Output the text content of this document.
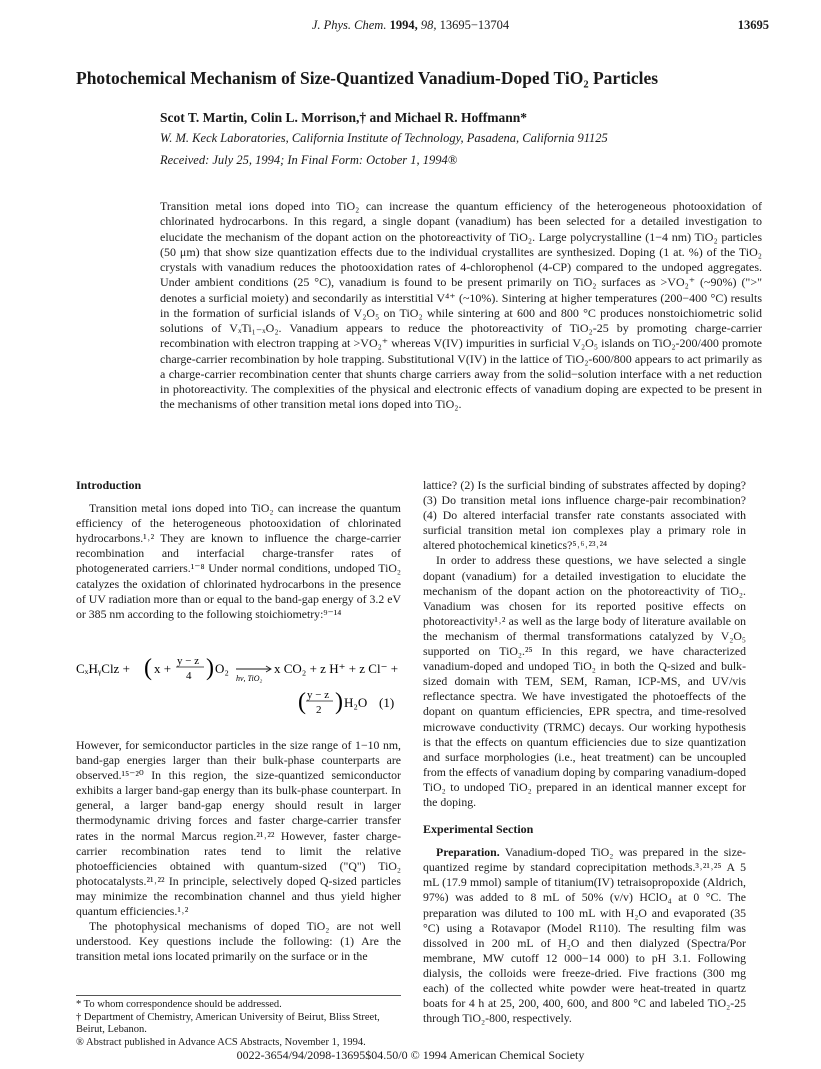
J. Phys. Chem. 1994, 98, 13695−13704	13695
Photochemical Mechanism of Size-Quantized Vanadium-Doped TiO₂ Particles
Scot T. Martin, Colin L. Morrison,† and Michael R. Hoffmann*
W. M. Keck Laboratories, California Institute of Technology, Pasadena, California 91125
Received: July 25, 1994; In Final Form: October 1, 1994®
Transition metal ions doped into TiO₂ can increase the quantum efficiency of the heterogeneous photooxidation of chlorinated hydrocarbons. In this regard, a single dopant (vanadium) has been selected for a detailed investigation to elucidate the mechanism of the dopant action on the photoreactivity of TiO₂. Large polycrystalline (1−4 nm) TiO₂ particles (50 μm) that show size quantization effects due to the individual crystallites are synthesized. Doping (1 at. %) of the TiO₂ crystals with vanadium reduces the photooxidation rates of 4-chlorophenol (4-CP) compared to the undoped aggregates. Under ambient conditions (25 °C), vanadium is found to be present primarily on TiO₂ surfaces as >VO₂⁺ (~90%) (">" denotes a surficial moiety) and secondarily as interstitial V⁴⁺ (~10%). Sintering at higher temperatures (200−400 °C) results in the formation of surficial islands of V₂O₅ on TiO₂ while sintering at 600 and 800 °C produces nonstoichiometric solid solutions of VₓTi₁₋ₓO₂. Vanadium appears to reduce the photoreactivity of TiO₂-25 by promoting charge-carrier recombination with electron trapping at >VO₂⁺ whereas V(IV) impurities in surficial V₂O₅ islands on TiO₂-200/400 promote charge-carrier recombination by hole trapping. Substitutional V(IV) in the lattice of TiO₂-600/800 appears to act primarily as a charge-carrier recombination center that shunts charge carriers away from the solid−solution interface with a net reduction in photoreactivity. The complexities of the physical and electronic effects of vanadium doping are expected to be present in the mechanisms of other transition metal ions doped into TiO₂.
Introduction

Transition metal ions doped into TiO₂ can increase the quantum efficiency of the heterogeneous photooxidation of chlorinated hydrocarbons.¹˒² They are known to influence the charge-carrier recombination and interfacial charge-transfer rates of photogenerated carriers.¹⁻⁸ Under normal conditions, undoped TiO₂ catalyzes the oxidation of chlorinated hydrocarbons in the presence of UV radiation more than or equal to the band-gap energy of 3.2 eV or 385 nm according to the following stoichiometry:⁹⁻¹⁴

CₓHᵧClz + ( x + y − z
4 ) O₂
hν, TiO₂
x CO₂ + z H⁺ + z Cl⁻ +
( y − z
2 ) H₂O (1)

However, for semiconductor particles in the size range of 1−10 nm, band-gap energies larger than their bulk-phase counterparts are observed.¹⁵⁻²⁰ In this region, the size-quantized semiconductor exhibits a larger band-gap energy than its bulk-phase counterpart. In general, a larger band-gap energy should result in larger thermodynamic driving forces and faster charge-carrier transfer rates in the normal Marcus region.²¹˒²² However, faster charge-carrier recombination rates tend to limit the relative photoefficiencies obtained with quantum-sized ("Q") TiO₂ photocatalysts.²¹˒²² In principle, selectively doped Q-sized particles may minimize the recombination channel and thus yield higher quantum efficiencies.¹˒²

The photophysical mechanisms of doped TiO₂ are not well understood. Key questions include the following: (1) Are the transition metal ions located primarily on the surface or in the

lattice? (2) Is the surficial binding of substrates affected by doping? (3) Do transition metal ions influence charge-pair recombination? (4) Do altered interfacial transfer rate constants associated with surficial transition metal ion complexes play a primary role in altered photochemical kinetics?⁵˒⁶˒²³˒²⁴

In order to address these questions, we have selected a single dopant (vanadium) for a detailed investigation to elucidate the mechanism of the dopant action on the photoreactivity of TiO₂. Vanadium was chosen for its reported positive effects on photoreactivity¹˒² as well as the large body of literature available on the mechanism of thermal transformations catalyzed by V₂O₅ supported on TiO₂.²⁵ In this regard, we have characterized vanadium-doped and undoped TiO₂ in both the Q-sized and bulk-sized domain with TEM, SEM, Raman, ICP-MS, and UV/vis reflectance spectra. We have investigated the photoeffects of the dopant on quantum efficiencies, EPR spectra, and time-resolved microwave conductivity (TRMC) decays. Our working hypothesis is that the effects on quantum efficiencies due to size quantization and surface morphologies (i.e., heat treatment) can be uncoupled from the effects of vanadium doping by comparing vanadium-doped TiO₂ to undoped TiO₂ prepared in an identical manner except for the doping.

Experimental Section

Preparation. Vanadium-doped TiO₂ was prepared in the size-quantized regime by standard coprecipitation methods.³˒²¹˒²⁵ A 5 mL (17.9 mmol) sample of titanium(IV) tetraisopropoxide (Aldrich, 97%) was added to 8 mL of 50% (v/v) HClO₄ at 0 °C. The preparation was diluted to 100 mL with H₂O and evaporated (35 °C) using a Rotavapor (Model R110). The resulting film was dissolved in 200 mL of H₂O and then dialyzed (Spectra/Por membrane, MW cutoff 12 000−14 000) to pH 3.1. Following dialysis, the colloids were freeze-dried. Five fractions (300 mg each) of the collected white powder were heat-treated in quartz boats for 4 h at 25, 200, 400, 600, and 800 °C and labeled TiO₂-25 through TiO₂-800, respectively.

* To whom correspondence should be addressed.
† Department of Chemistry, American University of Beirut, Bliss Street, Beirut, Lebanon.
® Abstract published in Advance ACS Abstracts, November 1, 1994.
0022-3654/94/2098-13695$04.50/0 © 1994 American Chemical Society
